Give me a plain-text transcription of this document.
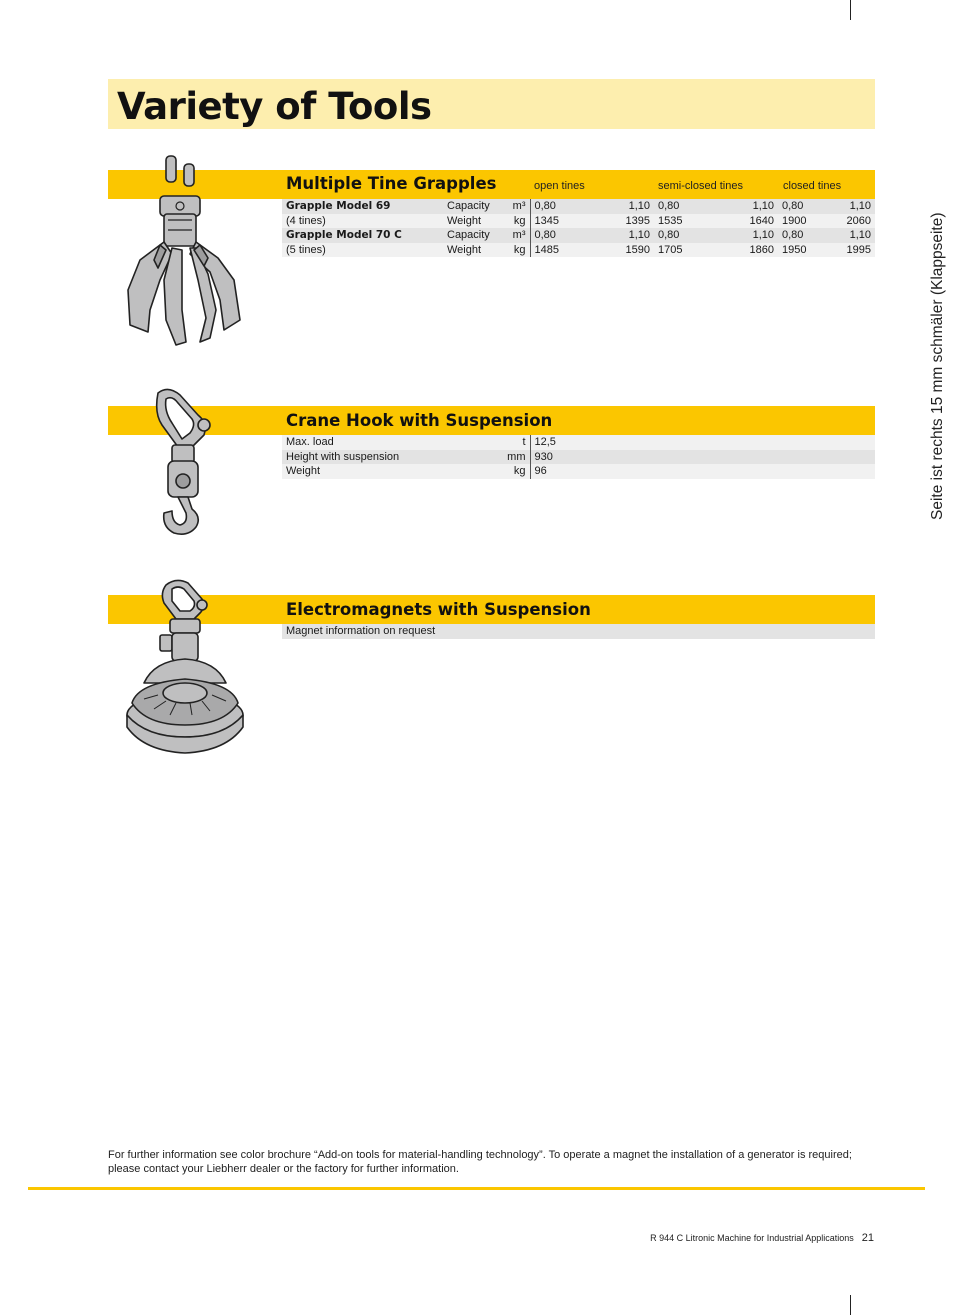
Variety of Tools
Seite ist rechts 15 mm schmäler (Klappseite)
Multiple Tine Grapples	open tines	semi-closed tines	closed tines
Grapple Model 69	Capacity	m³	0,80	1,10	0,80	1,10	0,80	1,10
(4 tines)	Weight	kg	1345	1395	1535	1640	1900	2060
Grapple Model 70 C	Capacity	m³	0,80	1,10	0,80	1,10	0,80	1,10
(5 tines)	Weight	kg	1485	1590	1705	1860	1950	1995
Crane Hook with Suspension
Max. load	t	12,5
Height with suspension	mm	930
Weight	kg	96
Electromagnets with Suspension
Magnet information on request
For further information see color brochure “Add-on tools for material-handling technology”. To operate a magnet the installation of a generator is required; please contact your Liebherr dealer or the factory for further information.
R 944 C Litronic Machine for Industrial Applications 21
